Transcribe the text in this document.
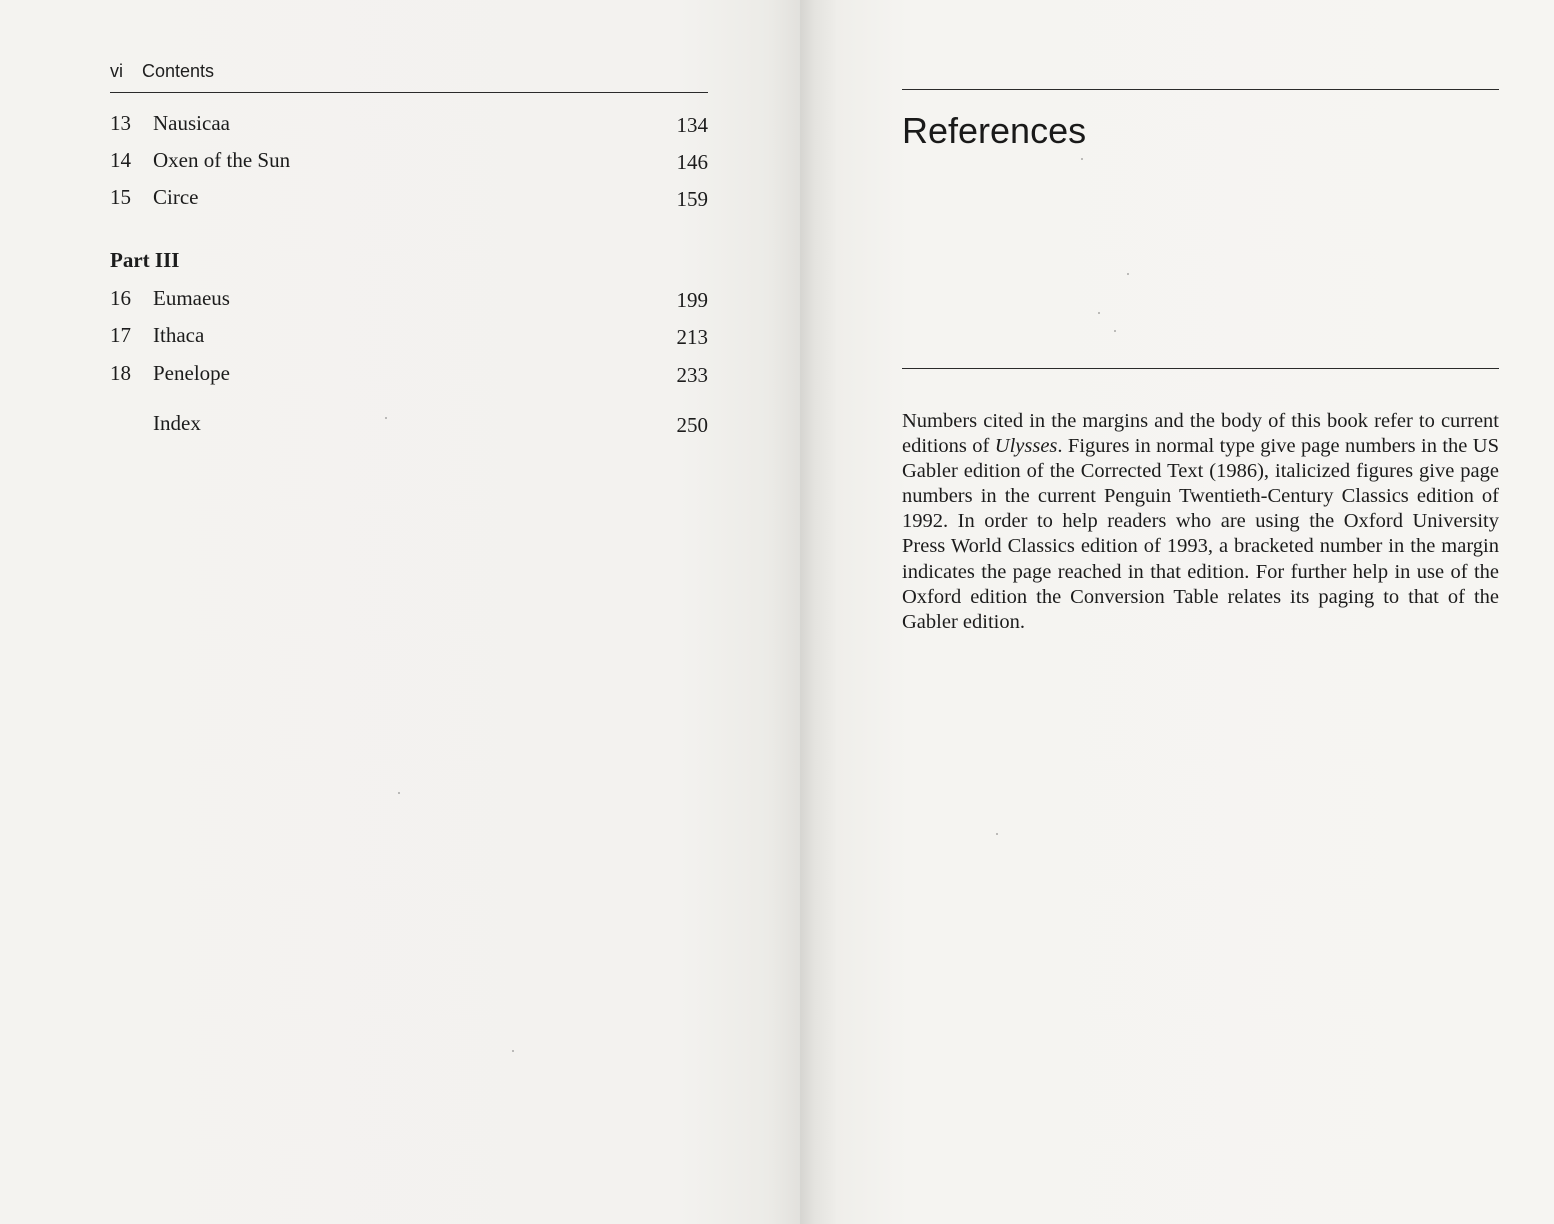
vi Contents
13 Nausicaa	134
14 Oxen of the Sun	146
15 Circe	159
Part III
16 Eumaeus	199
17 Ithaca	213
18 Penelope	233
Index	250
References

Numbers cited in the margins and the body of this book refer to current editions of Ulysses. Figures in normal type give page numbers in the US Gabler edition of the Corrected Text (1986), italicized figures give page numbers in the current Penguin Twentieth-Century Classics edition of 1992. In order to help readers who are using the Oxford University Press World Classics edition of 1993, a bracketed number in the margin indicates the page reached in that edition. For further help in use of the Oxford edition the Conversion Table relates its paging to that of the Gabler edition.
